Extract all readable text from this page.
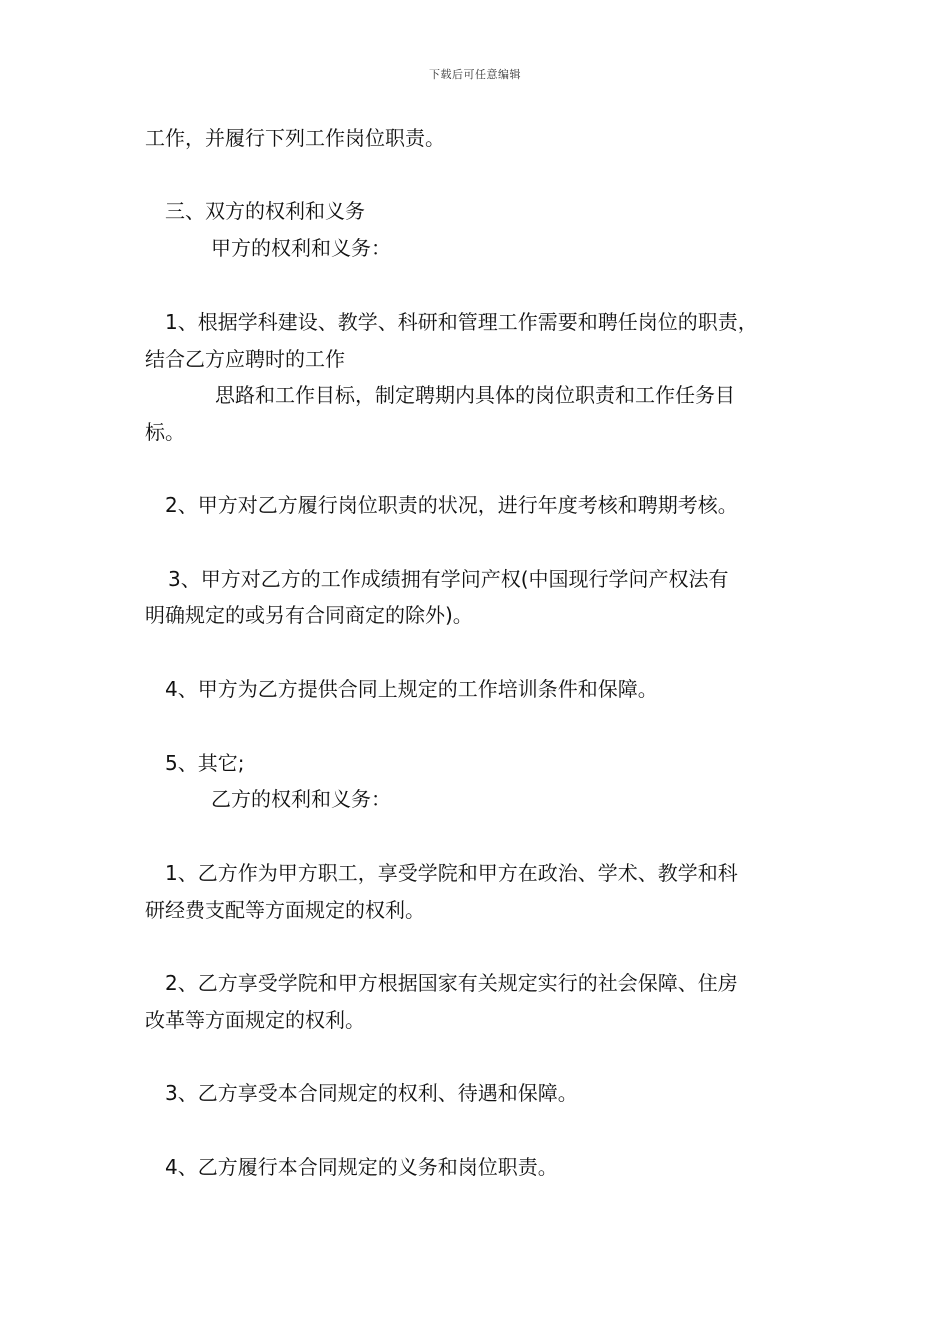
下载后可任意编辑
工作，并履行下列工作岗位职责。
三、双方的权利和义务
甲方的权利和义务：
1、根据学科建设、教学、科研和管理工作需要和聘任岗位的职责，
结合乙方应聘时的工作
思路和工作目标，制定聘期内具体的岗位职责和工作任务目
标。
2、甲方对乙方履行岗位职责的状况，进行年度考核和聘期考核。
3、甲方对乙方的工作成绩拥有学问产权(中国现行学问产权法有
明确规定的或另有合同商定的除外)。
4、甲方为乙方提供合同上规定的工作培训条件和保障。
5、其它;
乙方的权利和义务：
1、乙方作为甲方职工，享受学院和甲方在政治、学术、教学和科
研经费支配等方面规定的权利。
2、乙方享受学院和甲方根据国家有关规定实行的社会保障、住房
改革等方面规定的权利。
3、乙方享受本合同规定的权利、待遇和保障。
4、乙方履行本合同规定的义务和岗位职责。
